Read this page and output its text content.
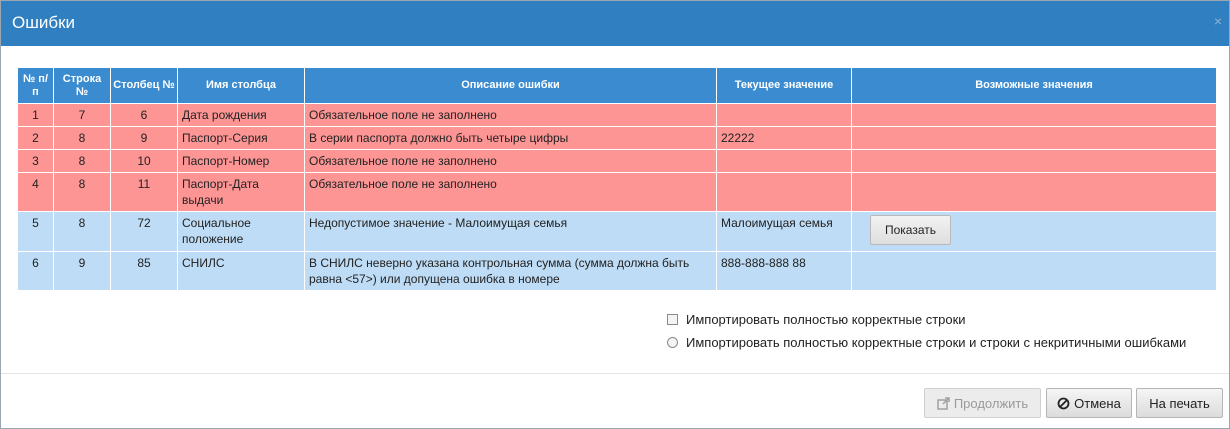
Ошибки	×
№ п/п	Строка №	Столбец №	Имя столбца	Описание ошибки	Текущее значение	Возможные значения
1	7	6	Дата рождения	Обязательное поле не заполнено		
2	8	9	Паспорт-Серия	В серии паспорта должно быть четыре цифры	22222	
3	8	10	Паспорт-Номер	Обязательное поле не заполнено		
4	8	11	Паспорт-Дата выдачи	Обязательное поле не заполнено		
5	8	72	Социальное положение	Недопустимое значение - Малоимущая семья	Малоимущая семья	Показать
6	9	85	СНИЛС	В СНИЛС неверно указана контрольная сумма (сумма должна быть равна <57>) или допущена ошибка в номере	888-888-888 88	
Импортировать полностью корректные строки
Импортировать полностью корректные строки и строки с некритичными ошибками
Продолжить	Отмена	На печать
